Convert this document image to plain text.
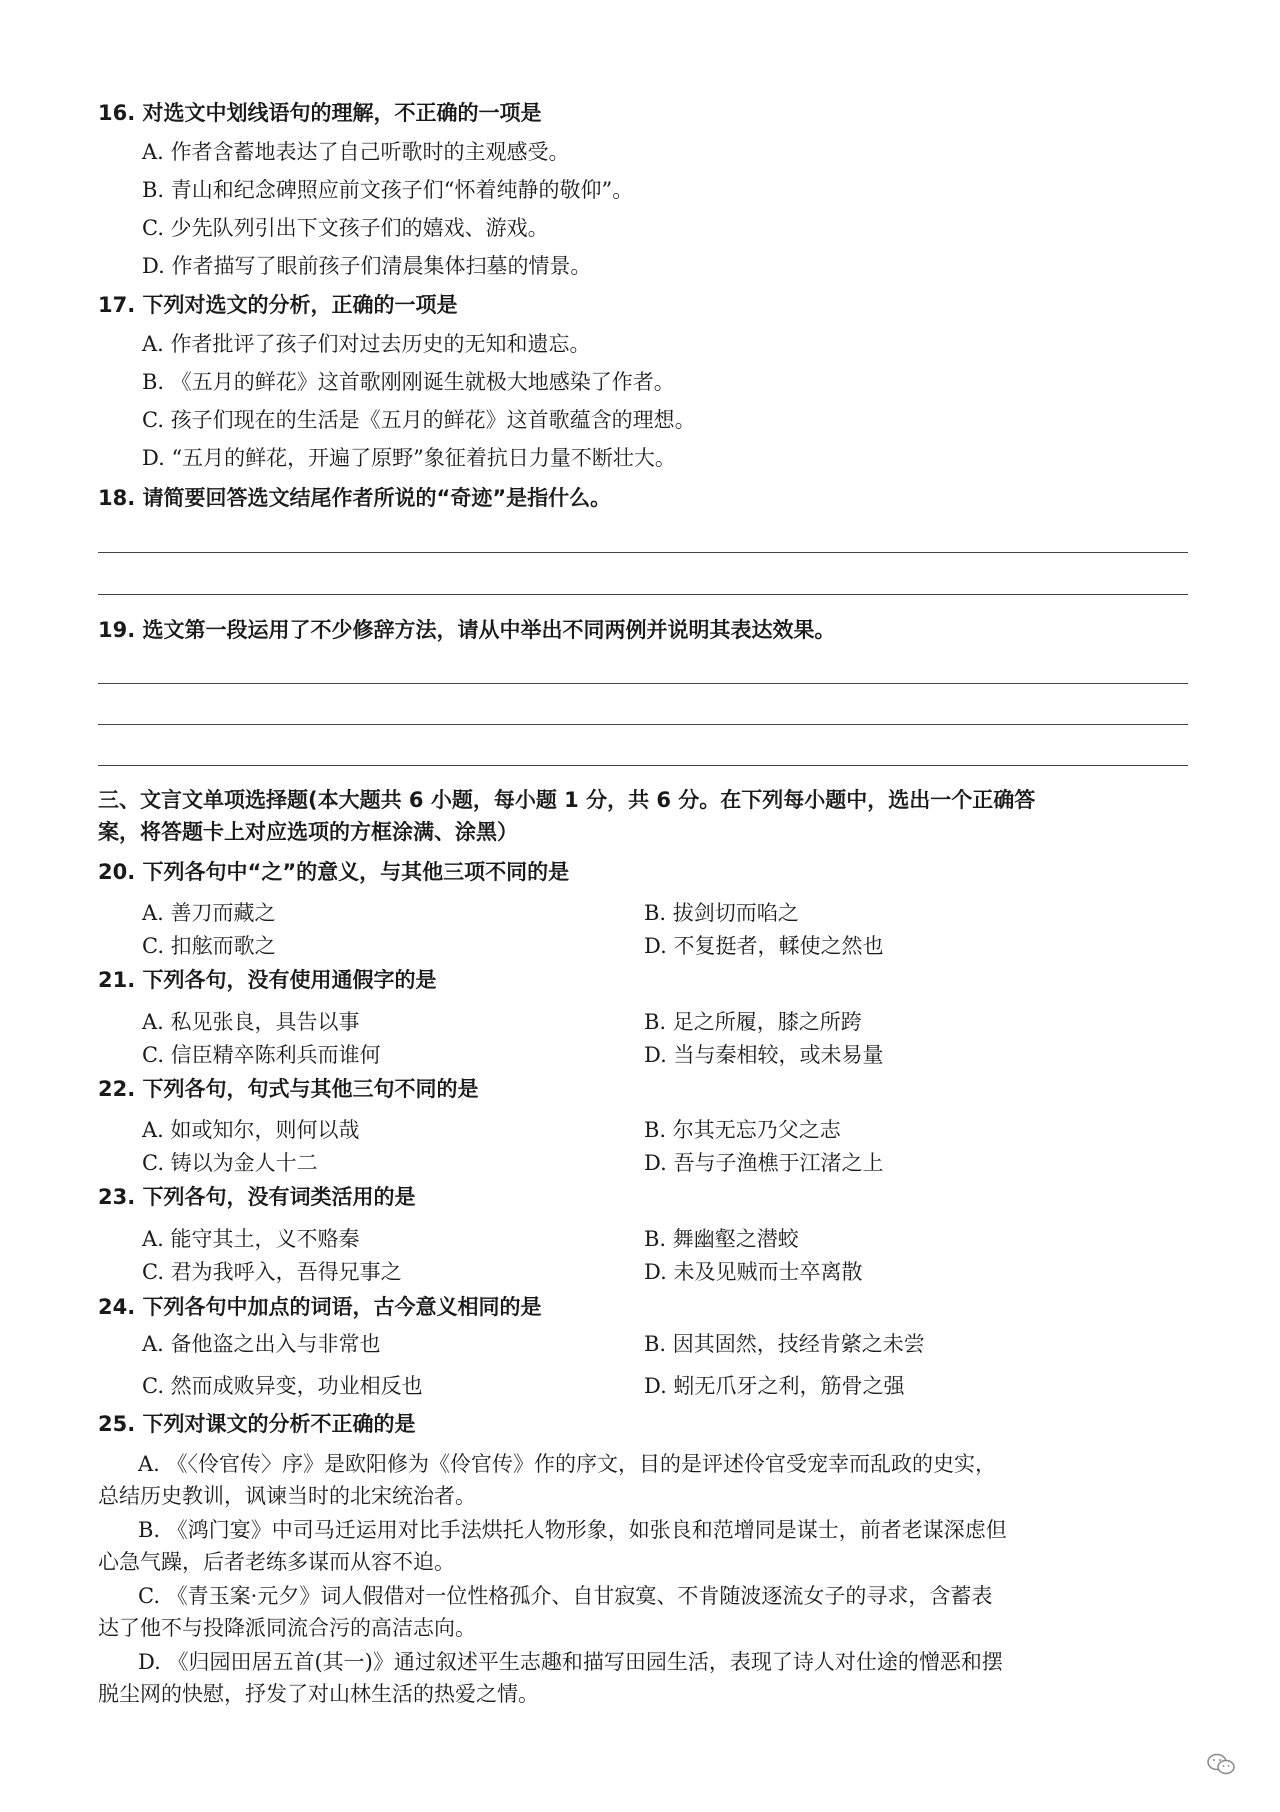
16. 对选文中划线语句的理解，不正确的一项是
A. 作者含蓄地表达了自己听歌时的主观感受。
B. 青山和纪念碑照应前文孩子们“怀着纯静的敬仰”。
C. 少先队列引出下文孩子们的嬉戏、游戏。
D. 作者描写了眼前孩子们清晨集体扫墓的情景。
17. 下列对选文的分析，正确的一项是
A. 作者批评了孩子们对过去历史的无知和遗忘。
B. 《五月的鲜花》这首歌刚刚诞生就极大地感染了作者。
C. 孩子们现在的生活是《五月的鲜花》这首歌蕴含的理想。
D. “五月的鲜花，开遍了原野”象征着抗日力量不断壮大。
18. 请简要回答选文结尾作者所说的“奇迹”是指什么。
19. 选文第一段运用了不少修辞方法，请从中举出不同两例并说明其表达效果。
三、文言文单项选择题(本大题共 6 小题，每小题 1 分，共 6 分。在下列每小题中，选出一个正确答
案，将答题卡上对应选项的方框涂满、涂黑）
20. 下列各句中“之”的意义，与其他三项不同的是
A. 善刀而藏之	B. 拔剑切而啗之
C. 扣舷而歌之	D. 不复挺者，輮使之然也
21. 下列各句，没有使用通假字的是
A. 私见张良，具告以事	B. 足之所履，膝之所跨
C. 信臣精卒陈利兵而谁何	D. 当与秦相较，或未易量
22. 下列各句，句式与其他三句不同的是
A. 如或知尔，则何以哉	B. 尔其无忘乃父之志
C. 铸以为金人十二	D. 吾与子渔樵于江渚之上
23. 下列各句，没有词类活用的是
A. 能守其土，义不赂秦	B. 舞幽壑之潜蛟
C. 君为我呼入，吾得兄事之	D. 未及见贼而士卒离散
24. 下列各句中加点的词语，古今意义相同的是
A. 备他盗之出入与非常也	B. 因其固然，技经肯綮之未尝
C. 然而成败异变，功业相反也	D. 蚓无爪牙之利，筋骨之强
25. 下列对课文的分析不正确的是
A. 《〈伶官传〉序》是欧阳修为《伶官传》作的序文，目的是评述伶官受宠幸而乱政的史实，
总结历史教训，讽谏当时的北宋统治者。
B. 《鸿门宴》中司马迁运用对比手法烘托人物形象，如张良和范增同是谋士，前者老谋深虑但
心急气躁，后者老练多谋而从容不迫。
C. 《青玉案·元夕》词人假借对一位性格孤介、自甘寂寞、不肯随波逐流女子的寻求，含蓄表
达了他不与投降派同流合污的高洁志向。
D. 《归园田居五首(其一)》通过叙述平生志趣和描写田园生活，表现了诗人对仕途的憎恶和摆
脱尘网的快慰，抒发了对山林生活的热爱之情。
